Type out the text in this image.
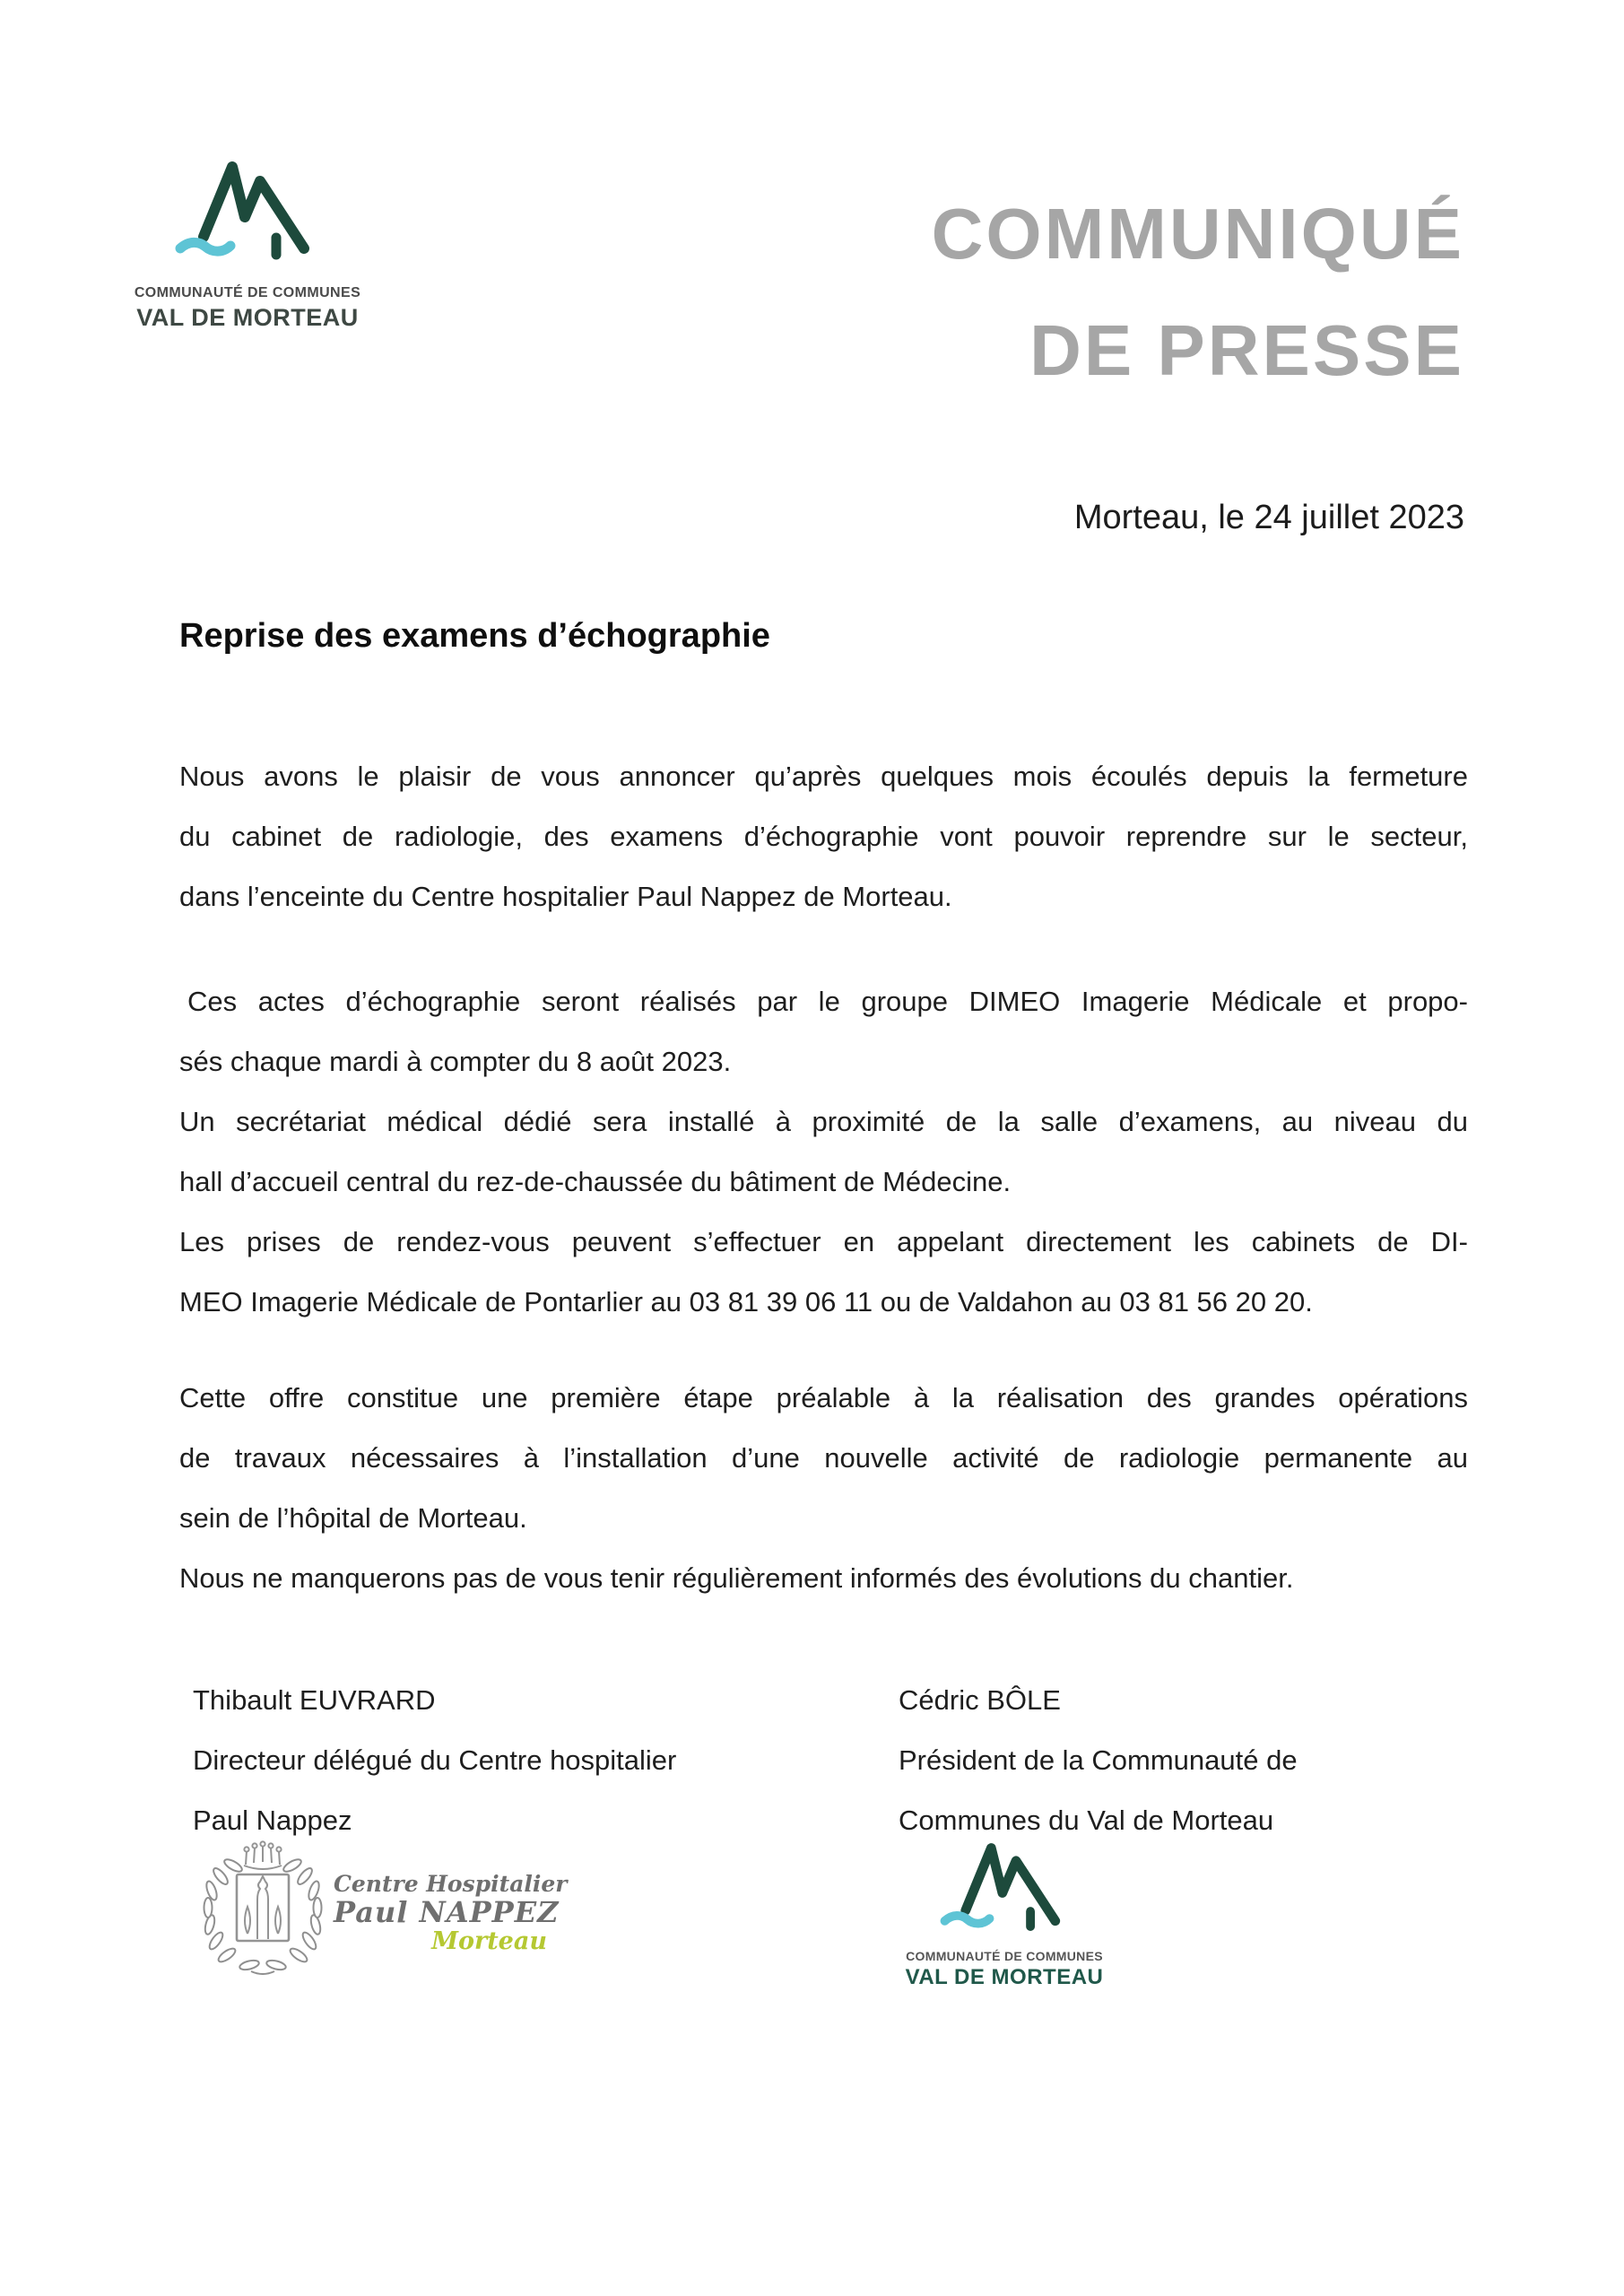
COMMUNAUTÉ DE COMMUNES
VAL DE MORTEAU
COMMUNIQUÉ
DE PRESSE
Morteau, le 24 juillet 2023
Reprise des examens d’échographie
Nous avons le plaisir de vous annoncer qu’après quelques mois écoulés depuis la fermeture
du cabinet de radiologie, des examens d’échographie vont pouvoir reprendre sur le secteur,
dans l’enceinte du Centre hospitalier Paul Nappez de Morteau.
Ces actes d’échographie seront réalisés par le groupe DIMEO Imagerie Médicale et propo-
sés chaque mardi à compter du 8 août 2023.
Un secrétariat médical dédié sera installé à proximité de la salle d’examens, au niveau du
hall d’accueil central du rez-de-chaussée du bâtiment de Médecine.
Les prises de rendez-vous peuvent s’effectuer en appelant directement les cabinets de DI-
MEO Imagerie Médicale de Pontarlier au 03 81 39 06 11 ou de Valdahon au 03 81 56 20 20.
Cette offre constitue une première étape préalable à la réalisation des grandes opérations
de travaux nécessaires à l’installation d’une nouvelle activité de radiologie permanente au
sein de l’hôpital de Morteau.
Nous ne manquerons pas de vous tenir régulièrement informés des évolutions du chantier.
Thibault EUVRARD
Directeur délégué du Centre hospitalier
Paul Nappez
Cédric BÔLE
Président de la Communauté de
Communes du Val de Morteau
Centre Hospitalier
Paul NAPPEZ
Morteau
COMMUNAUTÉ DE COMMUNES
VAL DE MORTEAU
